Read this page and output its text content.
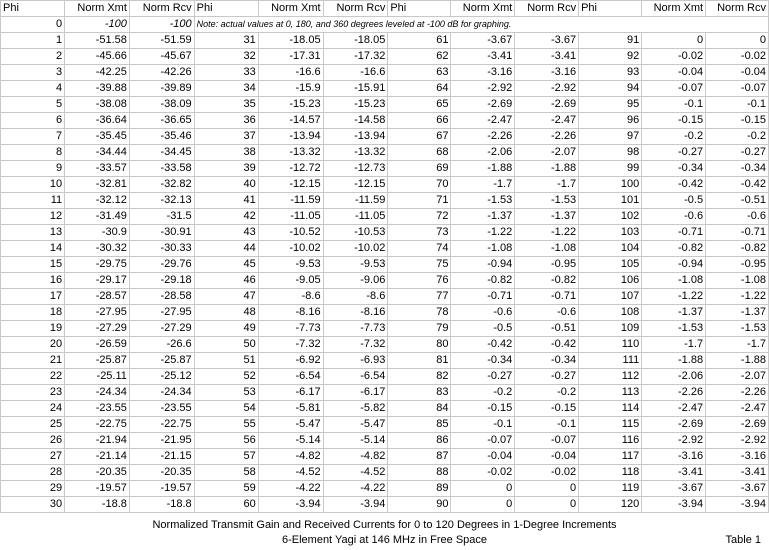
Phi	Norm Xmt	Norm Rcv	Phi	Norm Xmt	Norm Rcv	Phi	Norm Xmt	Norm Rcv	Phi	Norm Xmt	Norm Rcv
0	-100	-100	Note: actual values at 0, 180, and 360 degrees leveled at -100 dB for graphing.								
1	-51.58	-51.59	31	-18.05	-18.05	61	-3.67	-3.67	91	0	0
2	-45.66	-45.67	32	-17.31	-17.32	62	-3.41	-3.41	92	-0.02	-0.02
3	-42.25	-42.26	33	-16.6	-16.6	63	-3.16	-3.16	93	-0.04	-0.04
4	-39.88	-39.89	34	-15.9	-15.91	64	-2.92	-2.92	94	-0.07	-0.07
5	-38.08	-38.09	35	-15.23	-15.23	65	-2.69	-2.69	95	-0.1	-0.1
6	-36.64	-36.65	36	-14.57	-14.58	66	-2.47	-2.47	96	-0.15	-0.15
7	-35.45	-35.46	37	-13.94	-13.94	67	-2.26	-2.26	97	-0.2	-0.2
8	-34.44	-34.45	38	-13.32	-13.32	68	-2.06	-2.07	98	-0.27	-0.27
9	-33.57	-33.58	39	-12.72	-12.73	69	-1.88	-1.88	99	-0.34	-0.34
10	-32.81	-32.82	40	-12.15	-12.15	70	-1.7	-1.7	100	-0.42	-0.42
11	-32.12	-32.13	41	-11.59	-11.59	71	-1.53	-1.53	101	-0.5	-0.51
12	-31.49	-31.5	42	-11.05	-11.05	72	-1.37	-1.37	102	-0.6	-0.6
13	-30.9	-30.91	43	-10.52	-10.53	73	-1.22	-1.22	103	-0.71	-0.71
14	-30.32	-30.33	44	-10.02	-10.02	74	-1.08	-1.08	104	-0.82	-0.82
15	-29.75	-29.76	45	-9.53	-9.53	75	-0.94	-0.95	105	-0.94	-0.95
16	-29.17	-29.18	46	-9.05	-9.06	76	-0.82	-0.82	106	-1.08	-1.08
17	-28.57	-28.58	47	-8.6	-8.6	77	-0.71	-0.71	107	-1.22	-1.22
18	-27.95	-27.95	48	-8.16	-8.16	78	-0.6	-0.6	108	-1.37	-1.37
19	-27.29	-27.29	49	-7.73	-7.73	79	-0.5	-0.51	109	-1.53	-1.53
20	-26.59	-26.6	50	-7.32	-7.32	80	-0.42	-0.42	110	-1.7	-1.7
21	-25.87	-25.87	51	-6.92	-6.93	81	-0.34	-0.34	111	-1.88	-1.88
22	-25.11	-25.12	52	-6.54	-6.54	82	-0.27	-0.27	112	-2.06	-2.07
23	-24.34	-24.34	53	-6.17	-6.17	83	-0.2	-0.2	113	-2.26	-2.26
24	-23.55	-23.55	54	-5.81	-5.82	84	-0.15	-0.15	114	-2.47	-2.47
25	-22.75	-22.75	55	-5.47	-5.47	85	-0.1	-0.1	115	-2.69	-2.69
26	-21.94	-21.95	56	-5.14	-5.14	86	-0.07	-0.07	116	-2.92	-2.92
27	-21.14	-21.15	57	-4.82	-4.82	87	-0.04	-0.04	117	-3.16	-3.16
28	-20.35	-20.35	58	-4.52	-4.52	88	-0.02	-0.02	118	-3.41	-3.41
29	-19.57	-19.57	59	-4.22	-4.22	89	0	0	119	-3.67	-3.67
30	-18.8	-18.8	60	-3.94	-3.94	90	0	0	120	-3.94	-3.94
Normalized Transmit Gain and Received Currents for 0 to 120 Degrees in 1-Degree Increments
6-Element Yagi at 146 MHz in Free Space	Table 1
